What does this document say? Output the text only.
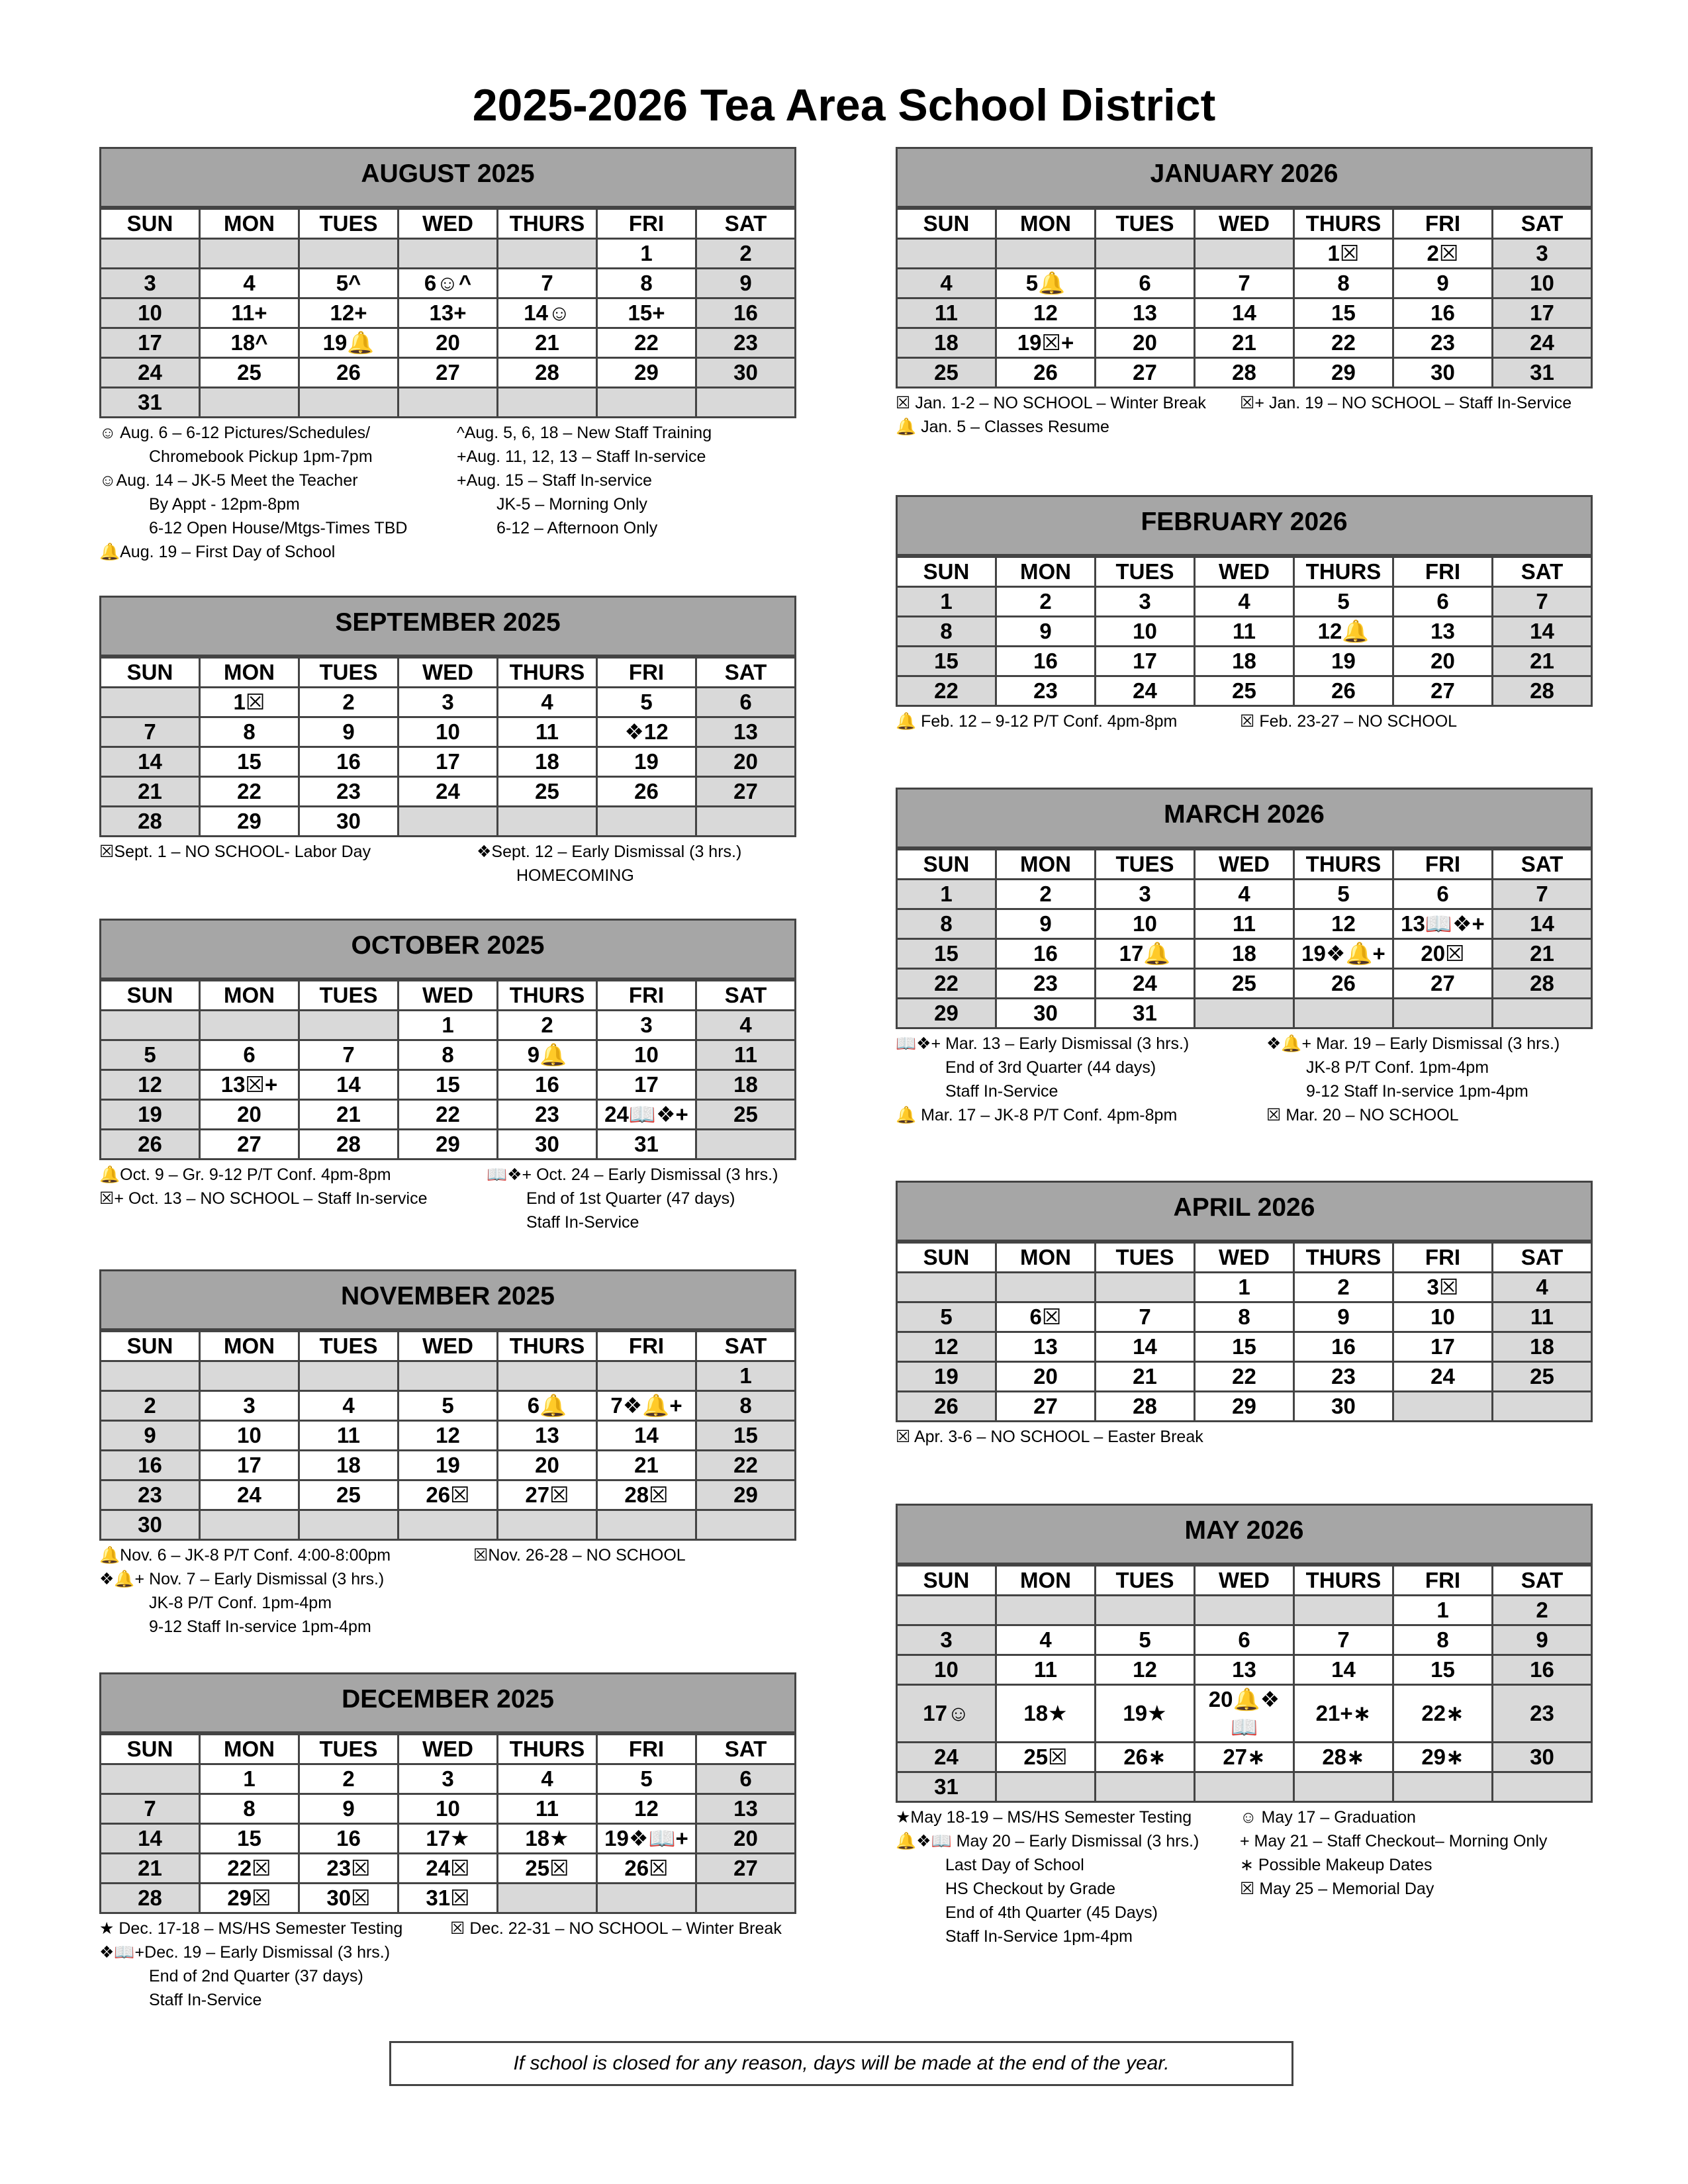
2025-2026 Tea Area School District
AUGUST 2025
SUN	MON	TUES	WED	THURS	FRI	SAT
					1	2
3	4	5^	6☺^	7	8	9
10	11+	12+	13+	14☺	15+	16
17	18^	19🔔	20	21	22	23
24	25	26	27	28	29	30
31						
☺ Aug. 6 – 6-12 Pictures/Schedules/
Chromebook Pickup 1pm-7pm
☺Aug. 14 – JK-5 Meet the Teacher
By Appt - 12pm-8pm
6-12 Open House/Mtgs-Times TBD
🔔Aug. 19 – First Day of School
^Aug. 5, 6, 18 – New Staff Training
+Aug. 11, 12, 13 – Staff In-service
+Aug. 15 – Staff In-service
JK-5 – Morning Only
6-12 – Afternoon Only
SEPTEMBER 2025
SUN	MON	TUES	WED	THURS	FRI	SAT
	1☒	2	3	4	5	6
7	8	9	10	11	❖12	13
14	15	16	17	18	19	20
21	22	23	24	25	26	27
28	29	30				
☒Sept. 1 – NO SCHOOL- Labor Day	❖Sept. 12 – Early Dismissal (3 hrs.)
HOMECOMING
OCTOBER 2025
SUN	MON	TUES	WED	THURS	FRI	SAT
			1	2	3	4
5	6	7	8	9🔔	10	11
12	13☒+	14	15	16	17	18
19	20	21	22	23	24📖❖+	25
26	27	28	29	30	31	
🔔Oct. 9 – Gr. 9-12 P/T Conf. 4pm-8pm
☒+ Oct. 13 – NO SCHOOL – Staff In-service
📖❖+ Oct. 24 – Early Dismissal (3 hrs.)
End of 1st Quarter (47 days)
Staff In-Service
NOVEMBER 2025
SUN	MON	TUES	WED	THURS	FRI	SAT
						1
2	3	4	5	6🔔	7❖🔔+	8
9	10	11	12	13	14	15
16	17	18	19	20	21	22
23	24	25	26☒	27☒	28☒	29
30						
🔔Nov. 6 – JK-8 P/T Conf. 4:00-8:00pm
❖🔔+ Nov. 7 – Early Dismissal (3 hrs.)
JK-8 P/T Conf. 1pm-4pm
9-12 Staff In-service 1pm-4pm
☒Nov. 26-28 – NO SCHOOL
DECEMBER 2025
SUN	MON	TUES	WED	THURS	FRI	SAT
	1	2	3	4	5	6
7	8	9	10	11	12	13
14	15	16	17★	18★	19❖📖+	20
21	22☒	23☒	24☒	25☒	26☒	27
28	29☒	30☒	31☒			
★ Dec. 17-18 – MS/HS Semester Testing
❖📖+Dec. 19 – Early Dismissal (3 hrs.)
End of 2nd Quarter (37 days)
Staff In-Service
☒ Dec. 22-31 – NO SCHOOL – Winter Break
JANUARY 2026
SUN	MON	TUES	WED	THURS	FRI	SAT
				1☒	2☒	3
4	5🔔	6	7	8	9	10
11	12	13	14	15	16	17
18	19☒+	20	21	22	23	24
25	26	27	28	29	30	31
☒ Jan. 1-2 – NO SCHOOL – Winter Break
🔔 Jan. 5 – Classes Resume
☒+ Jan. 19 – NO SCHOOL – Staff In-Service
FEBRUARY 2026
SUN	MON	TUES	WED	THURS	FRI	SAT
1	2	3	4	5	6	7
8	9	10	11	12🔔	13	14
15	16	17	18	19	20	21
22	23	24	25	26	27	28
🔔 Feb. 12 – 9-12 P/T Conf. 4pm-8pm	☒ Feb. 23-27 – NO SCHOOL
MARCH 2026
SUN	MON	TUES	WED	THURS	FRI	SAT
1	2	3	4	5	6	7
8	9	10	11	12	13📖❖+	14
15	16	17🔔	18	19❖🔔+	20☒	21
22	23	24	25	26	27	28
29	30	31				
📖❖+ Mar. 13 – Early Dismissal (3 hrs.)
End of 3rd Quarter (44 days)
Staff In-Service
🔔 Mar. 17 – JK-8 P/T Conf. 4pm-8pm
❖🔔+ Mar. 19 – Early Dismissal (3 hrs.)
JK-8 P/T Conf. 1pm-4pm
9-12 Staff In-service 1pm-4pm
☒ Mar. 20 – NO SCHOOL
APRIL 2026
SUN	MON	TUES	WED	THURS	FRI	SAT
			1	2	3☒	4
5	6☒	7	8	9	10	11
12	13	14	15	16	17	18
19	20	21	22	23	24	25
26	27	28	29	30		
☒ Apr. 3-6 – NO SCHOOL – Easter Break
MAY 2026
SUN	MON	TUES	WED	THURS	FRI	SAT
					1	2
3	4	5	6	7	8	9
10	11	12	13	14	15	16
17☺	18★	19★	20🔔❖📖	21+∗	22∗	23
24	25☒	26∗	27∗	28∗	29∗	30
31						
★May 18-19 – MS/HS Semester Testing
🔔❖📖 May 20 – Early Dismissal (3 hrs.)
Last Day of School
HS Checkout by Grade
End of 4th Quarter (45 Days)
Staff In-Service 1pm-4pm
☺ May 17 – Graduation
+ May 21 – Staff Checkout– Morning Only
∗ Possible Makeup Dates
☒ May 25 – Memorial Day
If school is closed for any reason, days will be made at the end of the year.
